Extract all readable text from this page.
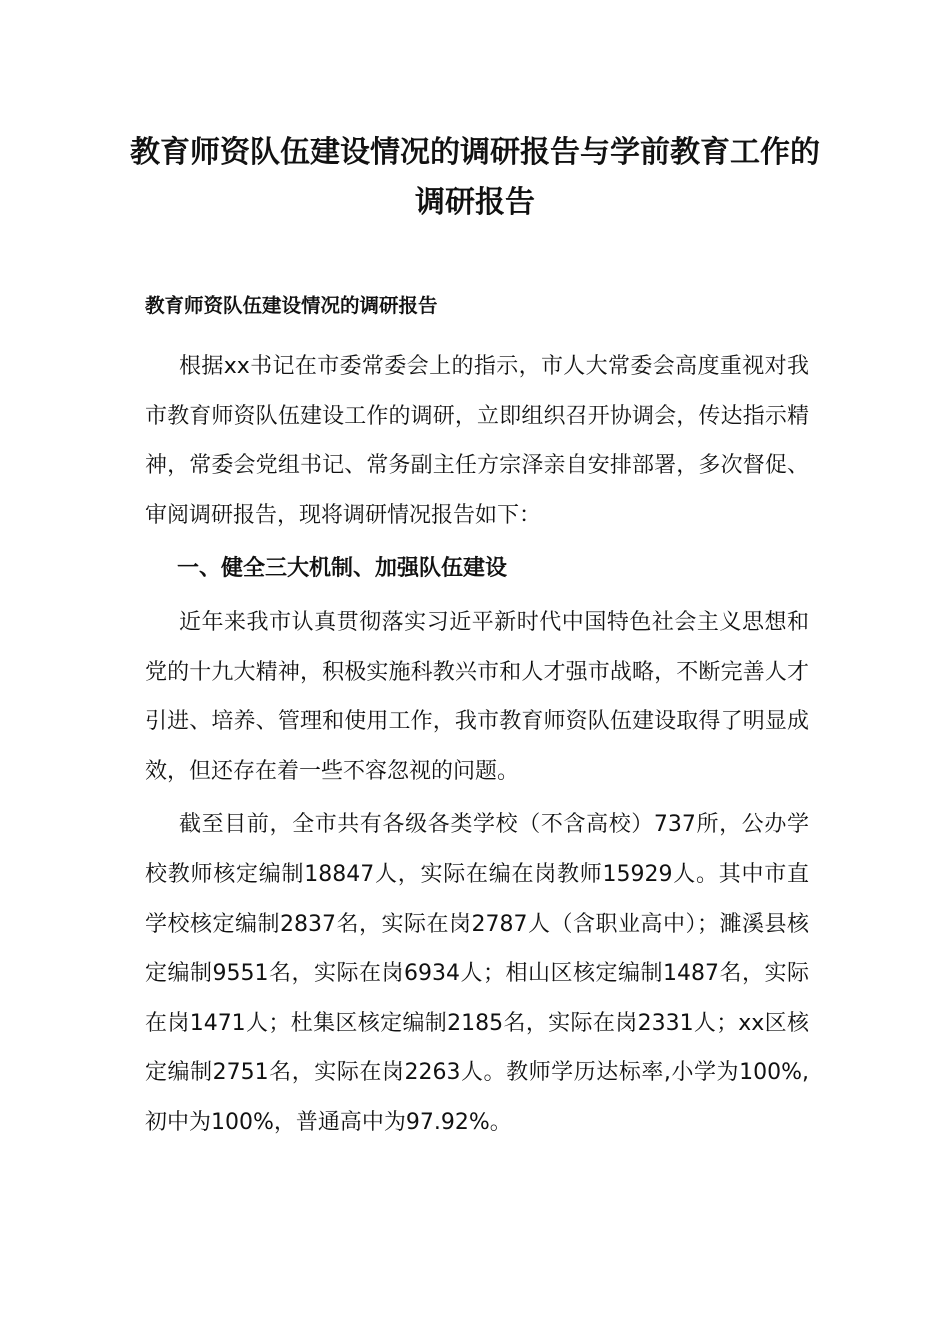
教育师资队伍建设情况的调研报告与学前教育工作的调研报告
教育师资队伍建设情况的调研报告

根据xx书记在市委常委会上的指示，市人大常委会高度重视对我市教育师资队伍建设工作的调研，立即组织召开协调会，传达指示精神，常委会党组书记、常务副主任方宗泽亲自安排部署，多次督促、审阅调研报告，现将调研情况报告如下：

一、健全三大机制、加强队伍建设

近年来我市认真贯彻落实习近平新时代中国特色社会主义思想和党的十九大精神，积极实施科教兴市和人才强市战略，不断完善人才引进、培养、管理和使用工作，我市教育师资队伍建设取得了明显成效，但还存在着一些不容忽视的问题。

截至目前，全市共有各级各类学校（不含高校）737所，公办学校教师核定编制18847人，实际在编在岗教师15929人。其中市直学校核定编制2837名，实际在岗2787人（含职业高中）；濉溪县核定编制9551名，实际在岗6934人；相山区核定编制1487名，实际在岗1471人；杜集区核定编制2185名，实际在岗2331人；xx区核定编制2751名，实际在岗2263人。教师学历达标率,小学为100%,初中为100%，普通高中为97.92%。
